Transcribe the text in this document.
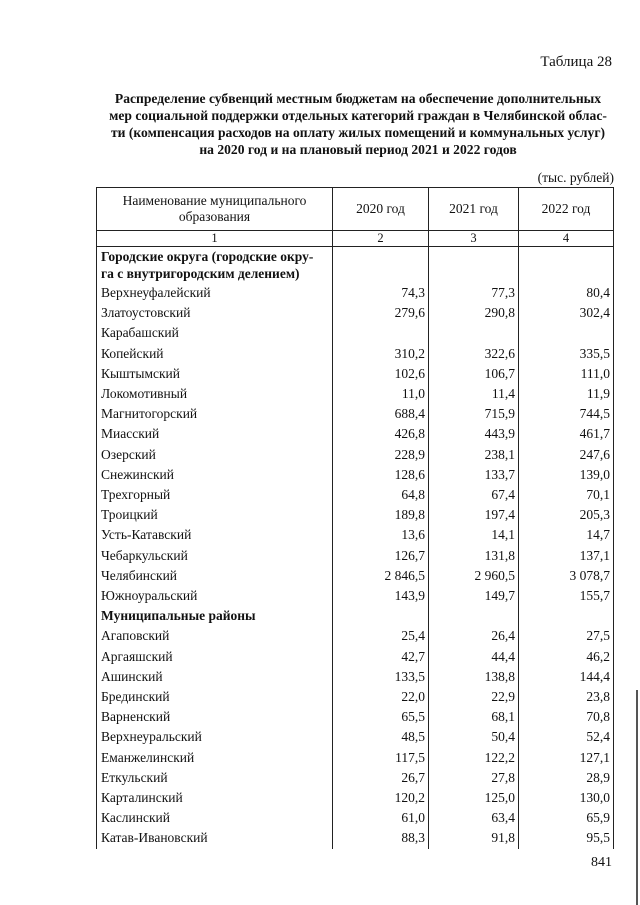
Таблица 28
Распределение субвенций местным бюджетам на обеспечение дополнительных
мер социальной поддержки отдельных категорий граждан в Челябинской облас-
ти (компенсация расходов на оплату жилых помещений и коммунальных услуг)
на 2020 год и на плановый период 2021 и 2022 годов
(тыс. рублей)
Наименование муниципального образования	2020 год	2021 год	2022 год
1	2	3	4

Городские округа (городские окру-
га с внутригородским делением)			

Верхнеуфалейский	74,3	77,3	80,4
Златоустовский	279,6	290,8	302,4
Карабашский			
Копейский	310,2	322,6	335,5
Кыштымский	102,6	106,7	111,0
Локомотивный	11,0	11,4	11,9
Магнитогорский	688,4	715,9	744,5
Миасский	426,8	443,9	461,7
Озерский	228,9	238,1	247,6
Снежинский	128,6	133,7	139,0
Трехгорный	64,8	67,4	70,1
Троицкий	189,8	197,4	205,3
Усть-Катавский	13,6	14,1	14,7
Чебаркульский	126,7	131,8	137,1
Челябинский	2 846,5	2 960,5	3 078,7
Южноуральский	143,9	149,7	155,7
Муниципальные районы			
Агаповский	25,4	26,4	27,5
Аргаяшский	42,7	44,4	46,2
Ашинский	133,5	138,8	144,4
Брединский	22,0	22,9	23,8
Варненский	65,5	68,1	70,8
Верхнеуральский	48,5	50,4	52,4
Еманжелинский	117,5	122,2	127,1
Еткульский	26,7	27,8	28,9
Карталинский	120,2	125,0	130,0
Каслинский	61,0	63,4	65,9
Катав-Ивановский	88,3	91,8	95,5
841
